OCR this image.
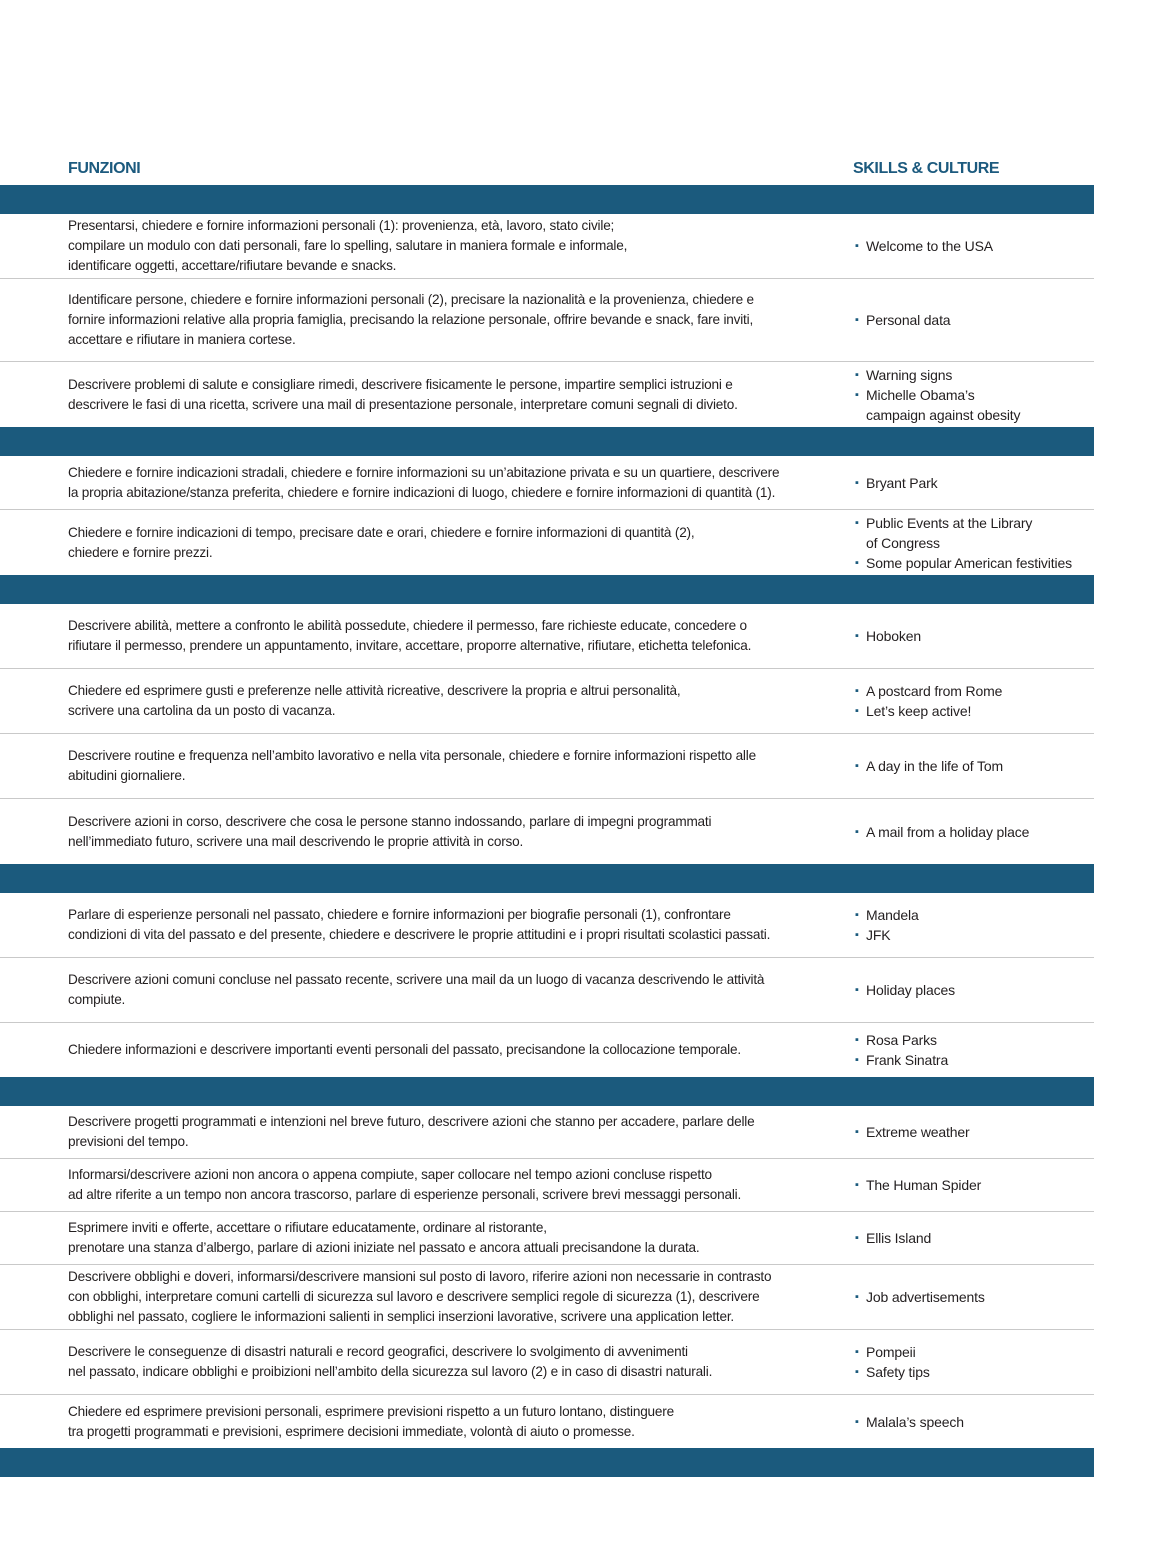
FUNZIONI	SKILLS & CULTURE
Presentarsi, chiedere e fornire informazioni personali (1): provenienza, età, lavoro, stato civile;
compilare un modulo con dati personali, fare lo spelling, salutare in maniera formale e informale,
identificare oggetti, accettare/rifiutare bevande e snacks.
▪ Welcome to the USA
Identificare persone, chiedere e fornire informazioni personali (2), precisare la nazionalità e la provenienza, chiedere e
fornire informazioni relative alla propria famiglia, precisando la relazione personale, offrire bevande e snack, fare inviti,
accettare e rifiutare in maniera cortese.
▪ Personal data
Descrivere problemi di salute e consigliare rimedi, descrivere fisicamente le persone, impartire semplici istruzioni e
descrivere le fasi di una ricetta, scrivere una mail di presentazione personale, interpretare comuni segnali di divieto.
▪ Warning signs
▪ Michelle Obama’s
campaign against obesity
Chiedere e fornire indicazioni stradali, chiedere e fornire informazioni su un’abitazione privata e su un quartiere, descrivere
la propria abitazione/stanza preferita, chiedere e fornire indicazioni di luogo, chiedere e fornire informazioni di quantità (1).
▪ Bryant Park
Chiedere e fornire indicazioni di tempo, precisare date e orari, chiedere e fornire informazioni di quantità (2),
chiedere e fornire prezzi.
▪ Public Events at the Library
of Congress
▪ Some popular American festivities
Descrivere abilità, mettere a confronto le abilità possedute, chiedere il permesso, fare richieste educate, concedere o
rifiutare il permesso, prendere un appuntamento, invitare, accettare, proporre alternative, rifiutare, etichetta telefonica.
▪ Hoboken
Chiedere ed esprimere gusti e preferenze nelle attività ricreative, descrivere la propria e altrui personalità,
scrivere una cartolina da un posto di vacanza.
▪ A postcard from Rome
▪ Let’s keep active!
Descrivere routine e frequenza nell’ambito lavorativo e nella vita personale, chiedere e fornire informazioni rispetto alle
abitudini giornaliere.
▪ A day in the life of Tom
Descrivere azioni in corso, descrivere che cosa le persone stanno indossando, parlare di impegni programmati
nell’immediato futuro, scrivere una mail descrivendo le proprie attività in corso.
▪ A mail from a holiday place
Parlare di esperienze personali nel passato, chiedere e fornire informazioni per biografie personali (1), confrontare
condizioni di vita del passato e del presente, chiedere e descrivere le proprie attitudini e i propri risultati scolastici passati.
▪ Mandela
▪ JFK
Descrivere azioni comuni concluse nel passato recente, scrivere una mail da un luogo di vacanza descrivendo le attività
compiute.
▪ Holiday places
Chiedere informazioni e descrivere importanti eventi personali del passato, precisandone la collocazione temporale.
▪ Rosa Parks
▪ Frank Sinatra
Descrivere progetti programmati e intenzioni nel breve futuro, descrivere azioni che stanno per accadere, parlare delle
previsioni del tempo.
▪ Extreme weather
Informarsi/descrivere azioni non ancora o appena compiute, saper collocare nel tempo azioni concluse rispetto
ad altre riferite a un tempo non ancora trascorso, parlare di esperienze personali, scrivere brevi messaggi personali.
▪ The Human Spider
Esprimere inviti e offerte, accettare o rifiutare educatamente, ordinare al ristorante,
prenotare una stanza d’albergo, parlare di azioni iniziate nel passato e ancora attuali precisandone la durata.
▪ Ellis Island
Descrivere obblighi e doveri, informarsi/descrivere mansioni sul posto di lavoro, riferire azioni non necessarie in contrasto
con obblighi, interpretare comuni cartelli di sicurezza sul lavoro e descrivere semplici regole di sicurezza (1), descrivere
obblighi nel passato, cogliere le informazioni salienti in semplici inserzioni lavorative, scrivere una application letter.
▪ Job advertisements
Descrivere le conseguenze di disastri naturali e record geografici, descrivere lo svolgimento di avvenimenti
nel passato, indicare obblighi e proibizioni nell’ambito della sicurezza sul lavoro (2) e in caso di disastri naturali.
▪ Pompeii
▪ Safety tips
Chiedere ed esprimere previsioni personali, esprimere previsioni rispetto a un futuro lontano, distinguere
tra progetti programmati e previsioni, esprimere decisioni immediate, volontà di aiuto o promesse.
▪ Malala’s speech
